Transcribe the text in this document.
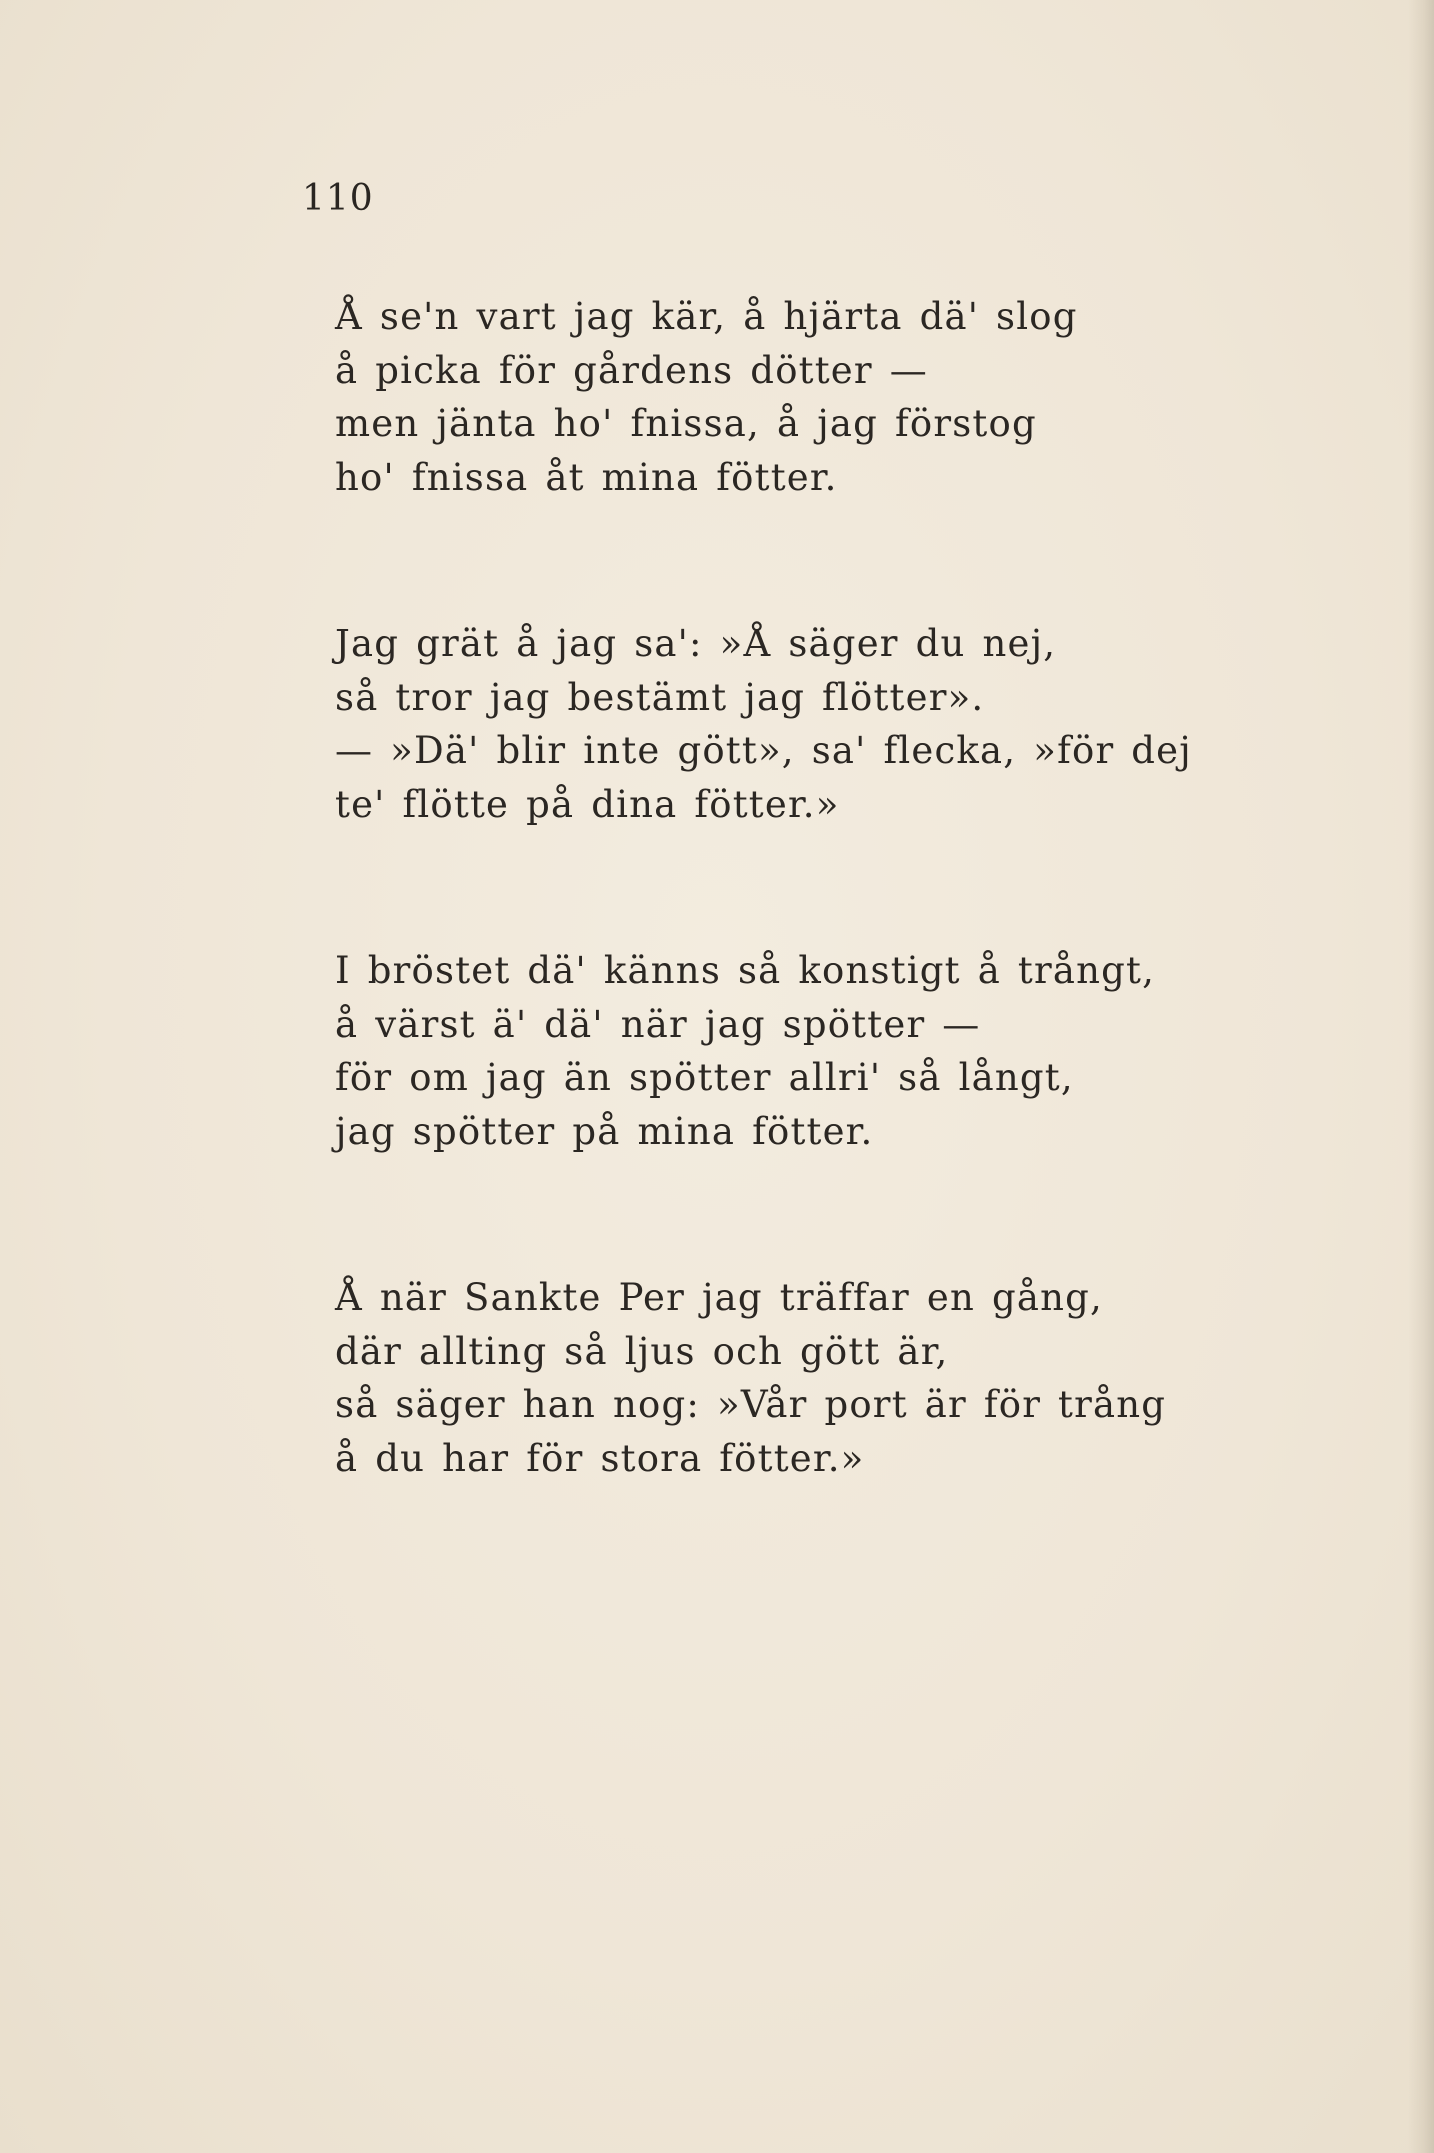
110
Å se'n vart jag kär, å hjärta dä' slog
å picka för gårdens dötter —
men jänta ho' fnissa, å jag förstog
ho' fnissa åt mina fötter.
Jag grät å jag sa': »Å säger du nej,
så tror jag bestämt jag flötter».
— »Dä' blir inte gött», sa' flecka, »för dej
te' flötte på dina fötter.»
I bröstet dä' känns så konstigt å trångt,
å värst ä' dä' när jag spötter —
för om jag än spötter allri' så långt,
jag spötter på mina fötter.
Å när Sankte Per jag träffar en gång,
där allting så ljus och gött är,
så säger han nog: »Vår port är för trång
å du har för stora fötter.»
